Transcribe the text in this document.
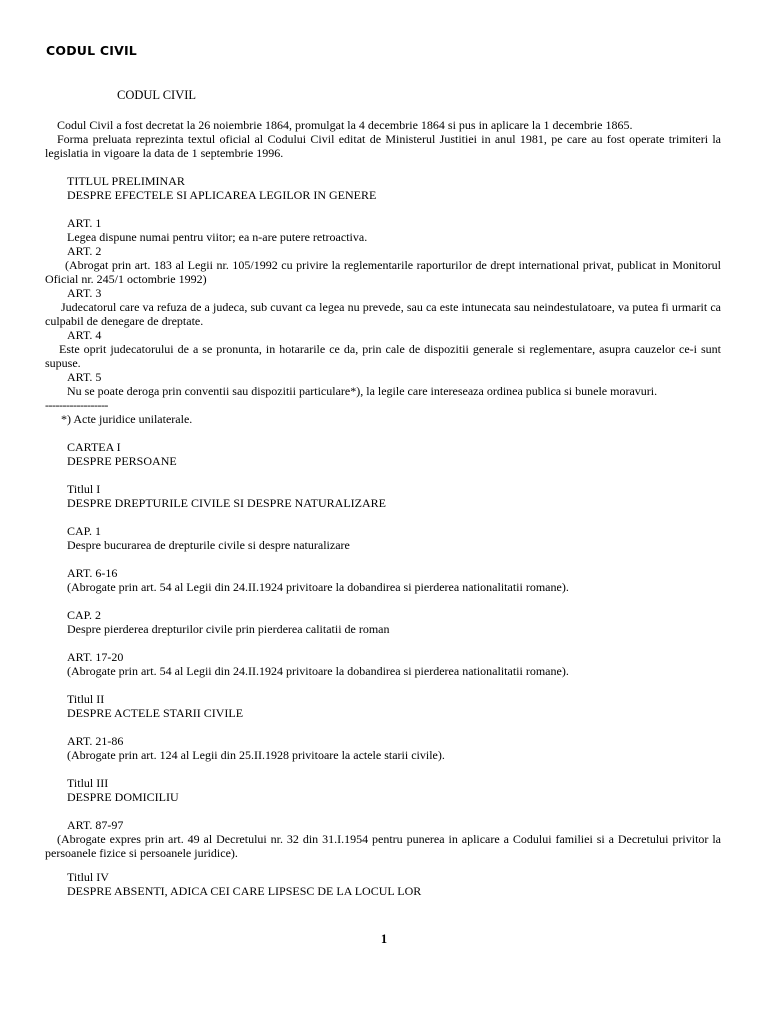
CODUL CIVIL
CODUL CIVIL
Codul Civil a fost decretat la 26 noiembrie 1864, promulgat la 4 decembrie 1864 si pus in aplicare la 1 decembrie 1865.
Forma preluata reprezinta textul oficial al Codului Civil editat de Ministerul Justitiei in anul 1981, pe care au fost operate trimiteri la legislatia in vigoare la data de 1 septembrie 1996.
TITLUL PRELIMINAR
DESPRE EFECTELE SI APLICAREA LEGILOR IN GENERE
ART. 1
Legea dispune numai pentru viitor; ea n-are putere retroactiva.
ART. 2
(Abrogat prin art. 183 al Legii nr. 105/1992 cu privire la reglementarile raporturilor de drept international privat, publicat in Monitorul Oficial nr. 245/1 octombrie 1992)
ART. 3
Judecatorul care va refuza de a judeca, sub cuvant ca legea nu prevede, sau ca este intunecata sau neindestulatoare, va putea fi urmarit ca culpabil de denegare de dreptate.
ART. 4
Este oprit judecatorului de a se pronunta, in hotararile ce da, prin cale de dispozitii generale si reglementare, asupra cauzelor ce-i sunt supuse.
ART. 5
Nu se poate deroga prin conventii sau dispozitii particulare*), la legile care intereseaza ordinea publica si bunele moravuri.
------------------
*) Acte juridice unilaterale.
CARTEA I
DESPRE PERSOANE
Titlul I
DESPRE DREPTURILE CIVILE SI DESPRE NATURALIZARE
CAP. 1
Despre bucurarea de drepturile civile si despre naturalizare
ART. 6-16
(Abrogate prin art. 54 al Legii din 24.II.1924 privitoare la dobandirea si pierderea nationalitatii romane).
CAP. 2
Despre pierderea drepturilor civile prin pierderea calitatii de roman
ART. 17-20
(Abrogate prin art. 54 al Legii din 24.II.1924 privitoare la dobandirea si pierderea nationalitatii romane).
Titlul II
DESPRE ACTELE STARII CIVILE
ART. 21-86
(Abrogate prin art. 124 al Legii din 25.II.1928 privitoare la actele starii civile).
Titlul III
DESPRE DOMICILIU
ART. 87-97
(Abrogate expres prin art. 49 al Decretului nr. 32 din 31.I.1954 pentru punerea in aplicare a Codului familiei si a Decretului privitor la persoanele fizice si persoanele juridice).
Titlul IV
DESPRE ABSENTI, ADICA CEI CARE LIPSESC DE LA LOCUL LOR
1
